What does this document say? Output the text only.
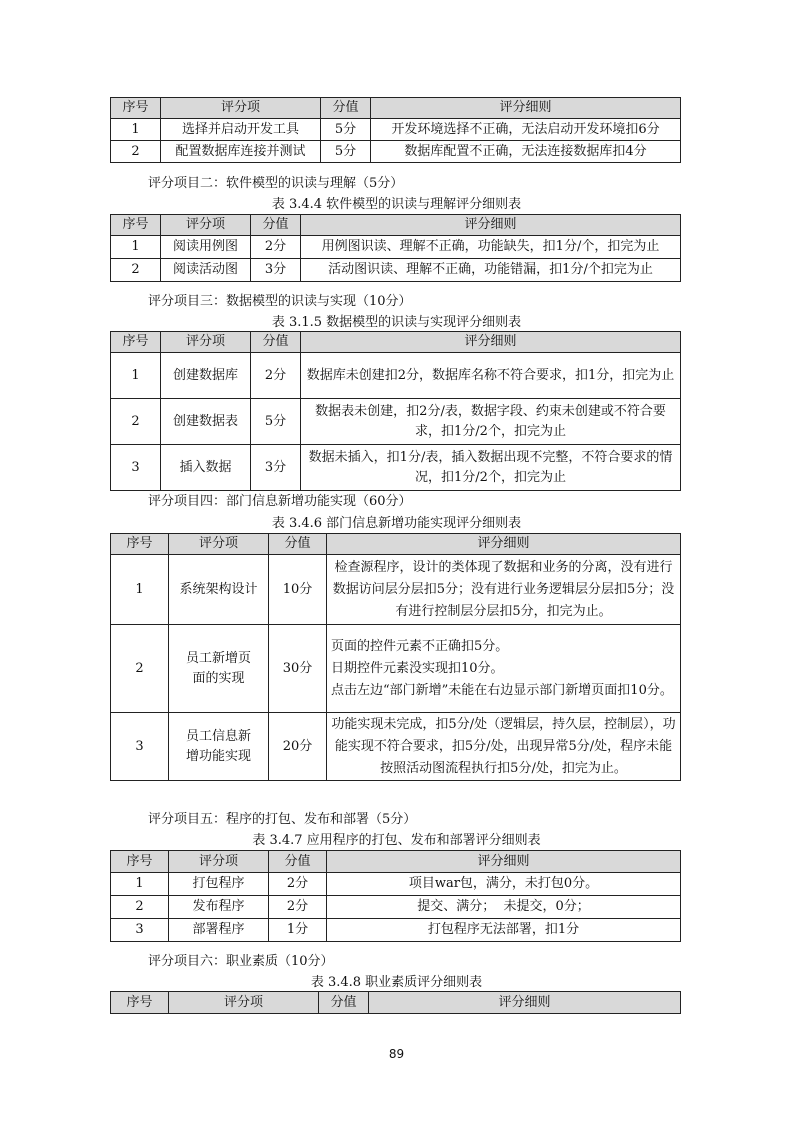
序号	评分项	分值	评分细则
1	选择并启动开发工具	5分	开发环境选择不正确，无法启动开发环境扣6分
2	配置数据库连接并测试	5分	数据库配置不正确，无法连接数据库扣4分
评分项目二：软件模型的识读与理解（5分）
表 3.4.4 软件模型的识读与理解评分细则表
序号	评分项	分值	评分细则
1	阅读用例图	2分	用例图识读、理解不正确，功能缺失，扣1分/个，扣完为止
2	阅读活动图	3分	活动图识读、理解不正确，功能错漏，扣1分/个扣完为止
评分项目三：数据模型的识读与实现（10分）
表 3.1.5 数据模型的识读与实现评分细则表
序号	评分项	分值	评分细则
1	创建数据库	2分	数据库未创建扣2分，数据库名称不符合要求，扣1分，扣完为止
2	创建数据表	5分	数据表未创建，扣2分/表，数据字段、约束未创建或不符合要求，扣1分/2个，扣完为止
3	插入数据	3分	数据未插入，扣1分/表，插入数据出现不完整，不符合要求的情况，扣1分/2个，扣完为止
评分项目四：部门信息新增功能实现（60分）
表 3.4.6 部门信息新增功能实现评分细则表
序号	评分项	分值	评分细则
1	系统架构设计	10分	检查源程序，设计的类体现了数据和业务的分离，没有进行数据访问层分层扣5分；没有进行业务逻辑层分层扣5分；没有进行控制层分层扣5分，扣完为止。
2	员工新增页面的实现	30分	页面的控件元素不正确扣5分。
日期控件元素没实现扣10分。
点击左边“部门新增”未能在右边显示部门新增页面扣10分。

3	员工信息新增功能实现	20分	功能实现未完成，扣5分/处（逻辑层，持久层，控制层），功能实现不符合要求，扣5分/处，出现异常5分/处，程序未能按照活动图流程执行扣5分/处，扣完为止。
评分项目五：程序的打包、发布和部署（5分）
表 3.4.7 应用程序的打包、发布和部署评分细则表
序号	评分项	分值	评分细则
1	打包程序	2分	项目war包，满分，未打包0分。
2	发布程序	2分	提交、满分；  未提交，0分；
3	部署程序	1分	打包程序无法部署，扣1分
评分项目六：职业素质（10分）
表 3.4.8 职业素质评分细则表
序号	评分项	分值	评分细则
89
